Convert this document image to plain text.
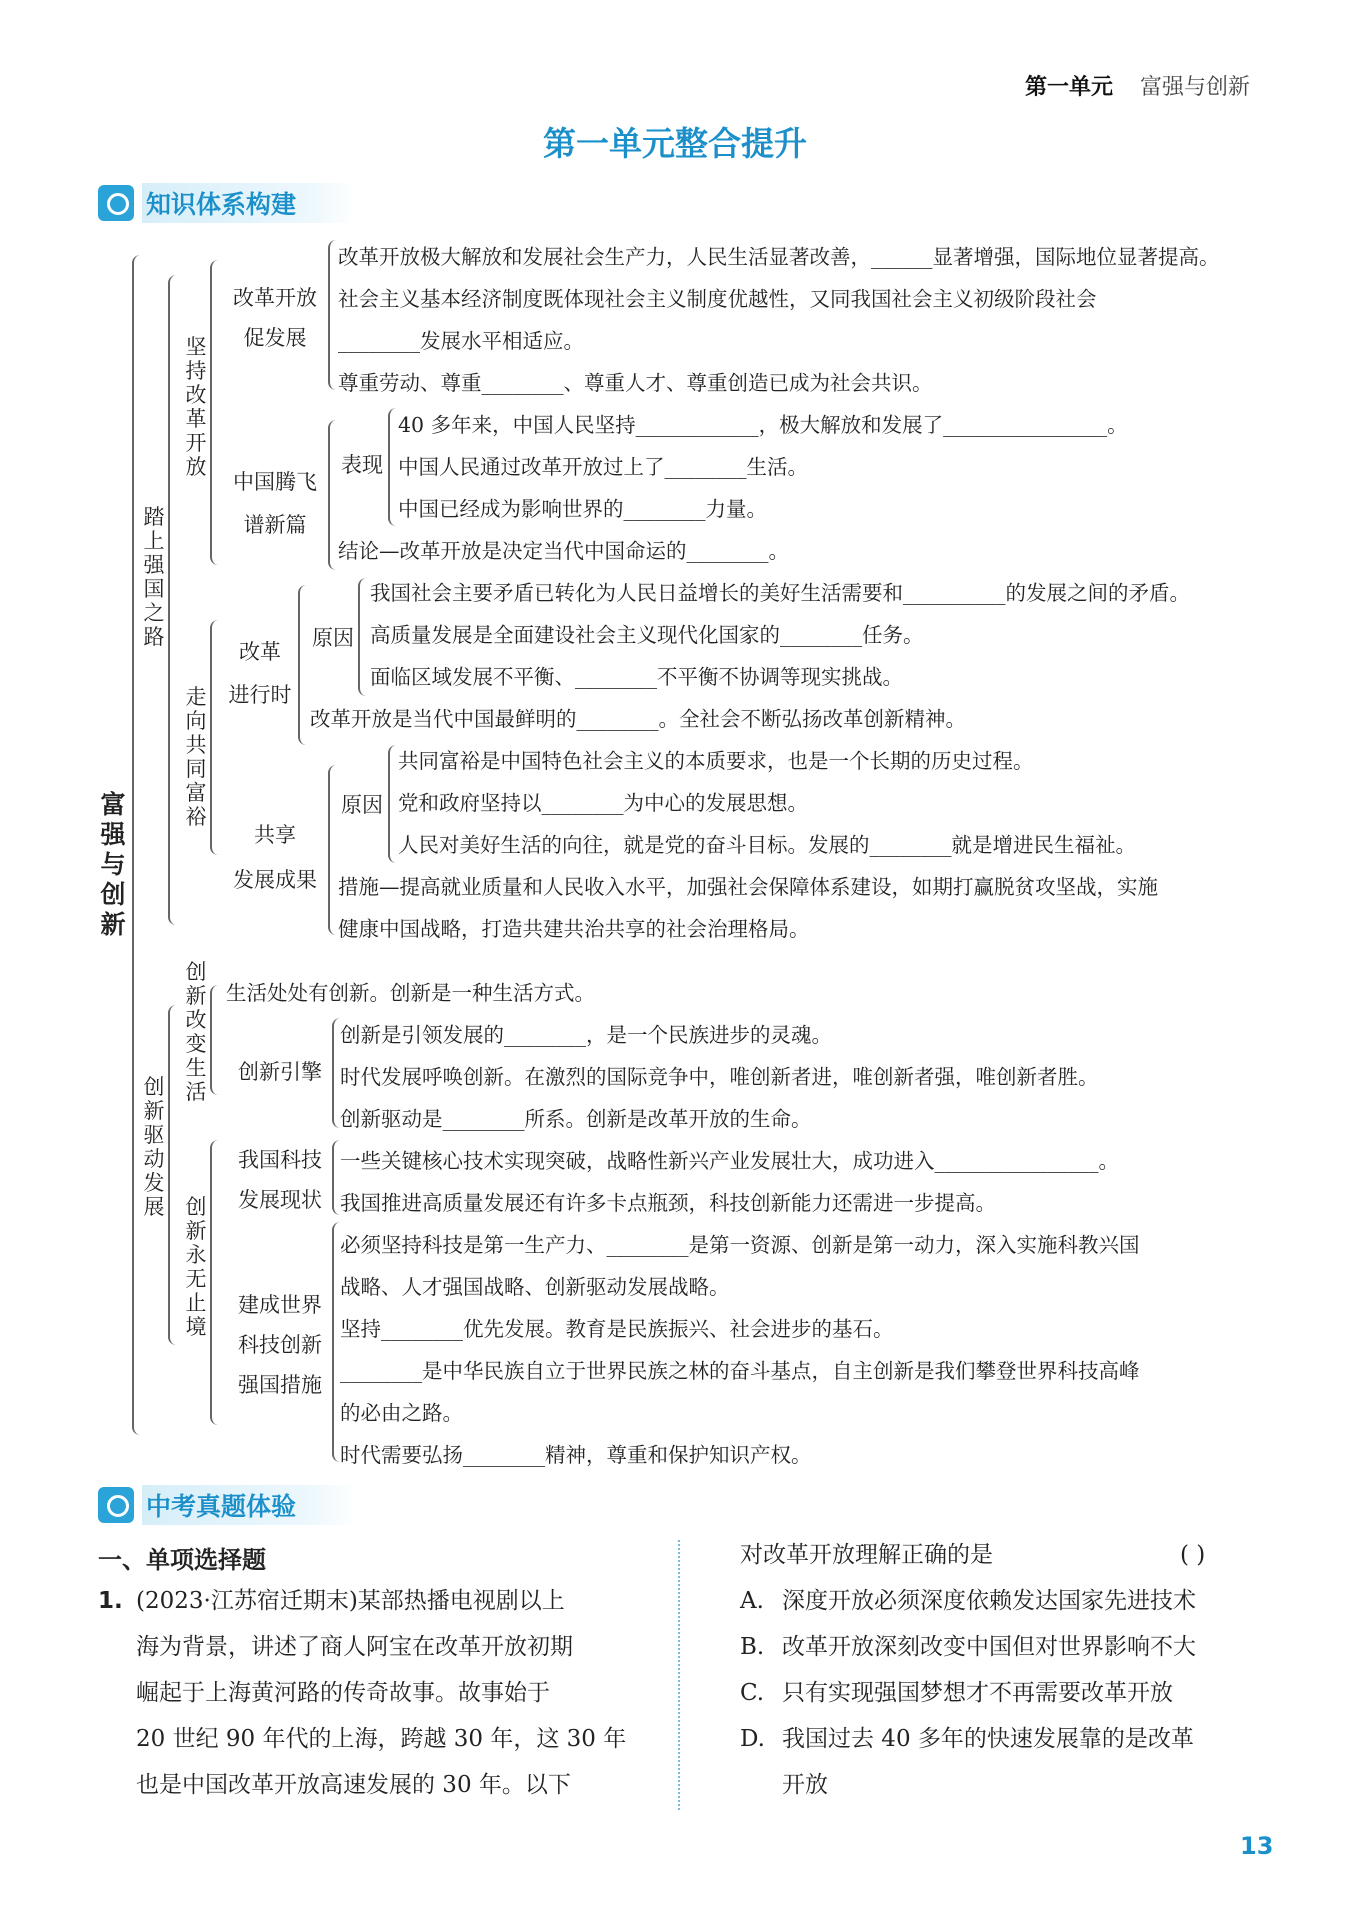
第一单元 富强与创新
第一单元整合提升
知识体系构建
富强与创新
踏上强国之路
坚持改革开放
改革开放
促发展
中国腾飞
谱新篇
表现
走向共同富裕
改革
进行时
原因
共享
发展成果
原因
创新驱动发展
创新改变生活
创新引擎
创新永无止境
我国科技
发展现状
建成世界
科技创新
强国措施
改革开放极大解放和发展社会生产力，人民生活显著改善，______显著增强，国际地位显著提高。
社会主义基本经济制度既体现社会主义制度优越性，又同我国社会主义初级阶段社会
________发展水平相适应。
尊重劳动、尊重________、尊重人才、尊重创造已成为社会共识。
40 多年来，中国人民坚持____________，极大解放和发展了________________。
中国人民通过改革开放过上了________生活。
中国已经成为影响世界的________力量。
结论—改革开放是决定当代中国命运的________。
我国社会主要矛盾已转化为人民日益增长的美好生活需要和__________的发展之间的矛盾。
高质量发展是全面建设社会主义现代化国家的________任务。
面临区域发展不平衡、________不平衡不协调等现实挑战。
改革开放是当代中国最鲜明的________。全社会不断弘扬改革创新精神。
共同富裕是中国特色社会主义的本质要求，也是一个长期的历史过程。
党和政府坚持以________为中心的发展思想。
人民对美好生活的向往，就是党的奋斗目标。发展的________就是增进民生福祉。
措施—提高就业质量和人民收入水平，加强社会保障体系建设，如期打赢脱贫攻坚战，实施
健康中国战略，打造共建共治共享的社会治理格局。
生活处处有创新。创新是一种生活方式。
创新是引领发展的________，是一个民族进步的灵魂。
时代发展呼唤创新。在激烈的国际竞争中，唯创新者进，唯创新者强，唯创新者胜。
创新驱动是________所系。创新是改革开放的生命。
一些关键核心技术实现突破，战略性新兴产业发展壮大，成功进入________________。
我国推进高质量发展还有许多卡点瓶颈，科技创新能力还需进一步提高。
必须坚持科技是第一生产力、________是第一资源、创新是第一动力，深入实施科教兴国
战略、人才强国战略、创新驱动发展战略。
坚持________优先发展。教育是民族振兴、社会进步的基石。
________是中华民族自立于世界民族之林的奋斗基点，自主创新是我们攀登世界科技高峰
的必由之路。
时代需要弘扬________精神，尊重和保护知识产权。
中考真题体验
一、单项选择题
1. (2023·江苏宿迁期末)某部热播电视剧以上
海为背景，讲述了商人阿宝在改革开放初期
崛起于上海黄河路的传奇故事。故事始于
20 世纪 90 年代的上海，跨越 30 年，这 30 年
也是中国改革开放高速发展的 30 年。以下
对改革开放理解正确的是	( )
A. 深度开放必须深度依赖发达国家先进技术
B. 改革开放深刻改变中国但对世界影响不大
C. 只有实现强国梦想才不再需要改革开放
D. 我国过去 40 多年的快速发展靠的是改革
开放
13
